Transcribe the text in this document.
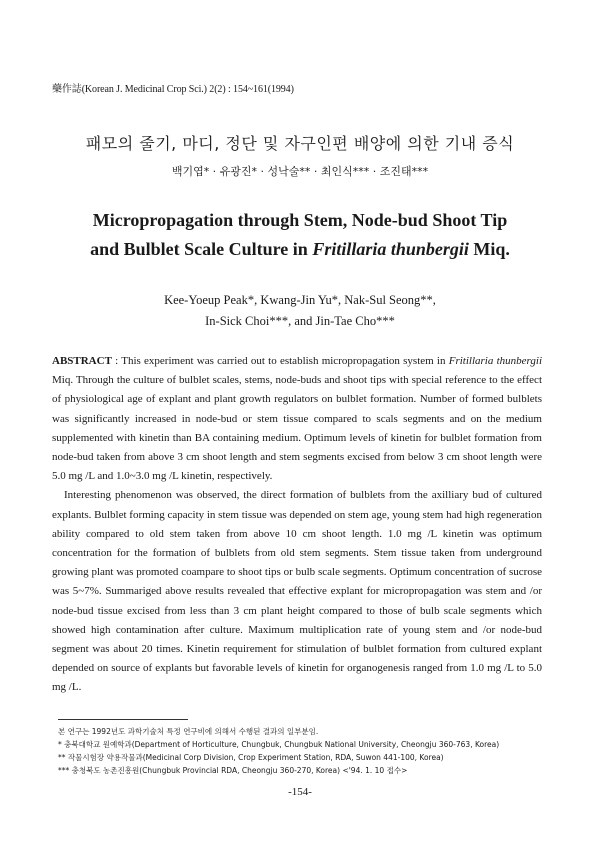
藥作誌(Korean J. Medicinal Crop Sci.) 2(2) : 154~161(1994)
패모의 줄기, 마디, 정단 및 자구인편 배양에 의한 기내 증식
백기엽* · 유광진* · 성낙술** · 최인식*** · 조진태***
Micropropagation through Stem, Node-bud Shoot Tip
and Bulblet Scale Culture in Fritillaria thunbergii Miq.
Kee-Yoeup Peak*, Kwang-Jin Yu*, Nak-Sul Seong**,
In-Sick Choi***, and Jin-Tae Cho***

ABSTRACT : This experiment was carried out to establish micropropagation system in Fritillaria thunbergii Miq. Through the culture of bulblet scales, stems, node-buds and shoot tips with special reference to the effect of physiological age of explant and plant growth regulators on bulblet formation. Number of formed bulblets was significantly increased in node-bud or stem tissue compared to scals segments and on the medium supplemented with kinetin than BA containing medium. Optimum levels of kinetin for bulblet formation from node-bud taken from above 3 cm shoot length and stem segments excised from below 3 cm shoot length were 5.0 mg /L and 1.0~3.0 mg /L kinetin, respectively.

Interesting phenomenon was observed, the direct formation of bulblets from the axilliary bud of cultured explants. Bulblet forming capacity in stem tissue was depended on stem age, young stem had high regeneration ability compared to old stem taken from above 10 cm shoot length. 1.0 mg /L kinetin was optimum concentration for the formation of bulblets from old stem segments. Stem tissue taken from underground growing plant was promoted coampare to shoot tips or bulb scale segments. Optimum concentration of sucrose was 5~7%. Summariged above results revealed that effective explant for micropropagation was stem and /or node-bud tissue excised from less than 3 cm plant height compared to those of bulb scale segments which showed high contamination after culture. Maximum multiplication rate of young stem and /or node-bud segment was about 20 times. Kinetin requirement for stimulation of bulblet formation from cultured explant depended on source of explants but favorable levels of kinetin for organogenesis ranged from 1.0 mg /L to 5.0 mg /L.

본 연구는 1992년도 과학기술처 특정 연구비에 의해서 수행된 결과의 일부분임.
* 충북대학교 원예학과(Department of Horticulture, Chungbuk, Chungbuk National University, Cheongju 360-763, Korea)
** 작물시험장 약용작물과(Medicinal Corp Division, Crop Experiment Station, RDA, Suwon 441-100, Korea)
*** 충청북도 농촌진흥원(Chungbuk Provincial RDA, Cheongju 360-270, Korea) <'94. 1. 10 접수>
-154-
